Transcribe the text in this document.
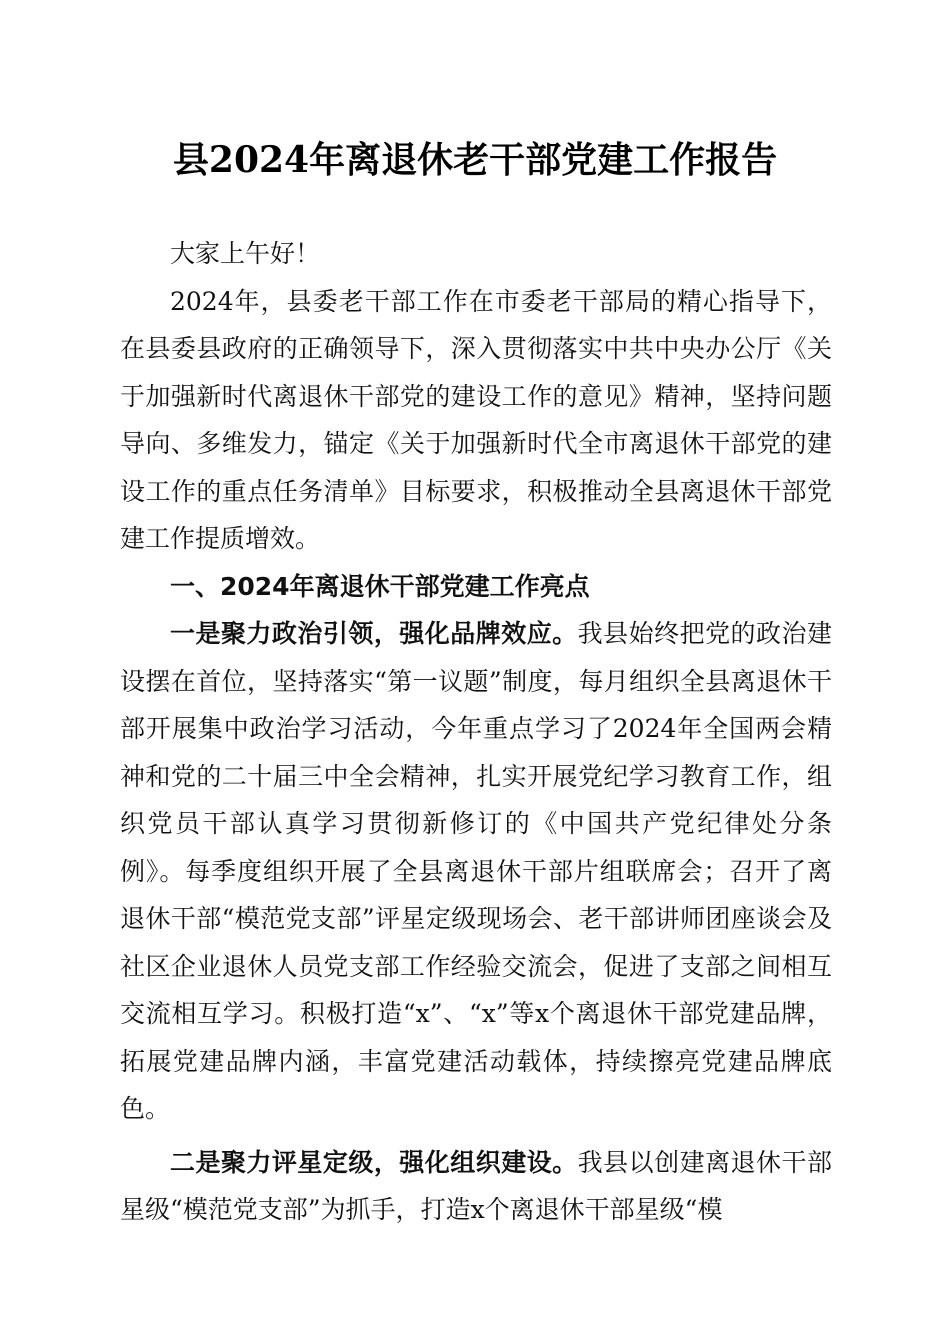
县2024年离退休老干部党建工作报告

大家上午好！

2024年，县委老干部工作在市委老干部局的精心指导下，在县委县政府的正确领导下，深入贯彻落实中共中央办公厅《关于加强新时代离退休干部党的建设工作的意见》精神，坚持问题导向、多维发力，锚定《关于加强新时代全市离退休干部党的建设工作的重点任务清单》目标要求，积极推动全县离退休干部党建工作提质增效。

一、2024年离退休干部党建工作亮点

一是聚力政治引领，强化品牌效应。我县始终把党的政治建设摆在首位，坚持落实“第一议题”制度，每月组织全县离退休干部开展集中政治学习活动，今年重点学习了2024年全国两会精神和党的二十届三中全会精神，扎实开展党纪学习教育工作，组织党员干部认真学习贯彻新修订的《中国共产党纪律处分条例》。每季度组织开展了全县离退休干部片组联席会；召开了离退休干部“模范党支部”评星定级现场会、老干部讲师团座谈会及社区企业退休人员党支部工作经验交流会，促进了支部之间相互交流相互学习。积极打造“x”、“x”等x个离退休干部党建品牌，拓展党建品牌内涵，丰富党建活动载体，持续擦亮党建品牌底色。

二是聚力评星定级，强化组织建设。我县以创建离退休干部星级“模范党支部”为抓手，打造x个离退休干部星级“模
